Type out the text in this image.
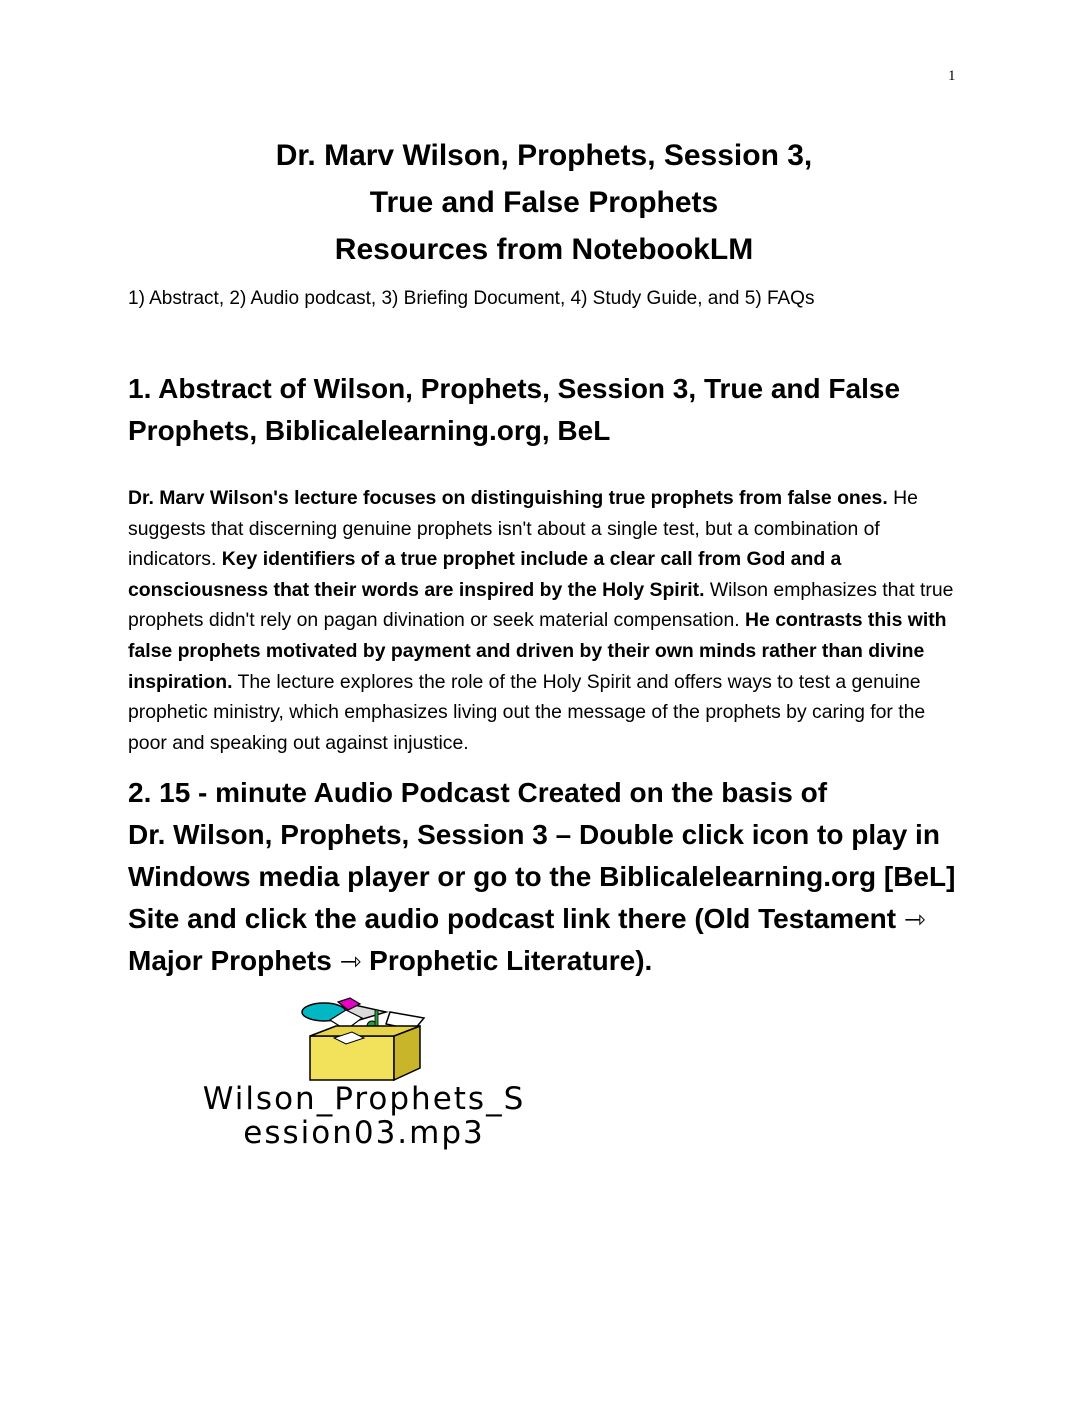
1
Dr. Marv Wilson, Prophets, Session 3,
True and False Prophets
Resources from NotebookLM
1) Abstract, 2) Audio podcast, 3) Briefing Document, 4) Study Guide, and 5) FAQs
1. Abstract of Wilson, Prophets, Session 3, True and False
Prophets, Biblicalelearning.org, BeL

Dr. Marv Wilson's lecture focuses on distinguishing true prophets from false ones. He suggests that discerning genuine prophets isn't about a single test, but a combination of indicators. Key identifiers of a true prophet include a clear call from God and a consciousness that their words are inspired by the Holy Spirit. Wilson emphasizes that true prophets didn't rely on pagan divination or seek material compensation. He contrasts this with false prophets motivated by payment and driven by their own minds rather than divine inspiration. The lecture explores the role of the Holy Spirit and offers ways to test a genuine prophetic ministry, which emphasizes living out the message of the prophets by caring for the poor and speaking out against injustice.

2. 15 - minute Audio Podcast Created on the basis of
Dr. Wilson, Prophets, Session 3 – Double click icon to play in
Windows media player or go to the Biblicalelearning.org [BeL]
Site and click the audio podcast link there (Old Testament ⇾
Major Prophets ⇾ Prophetic Literature).
Wilson_Prophets_S
ession03.mp3
